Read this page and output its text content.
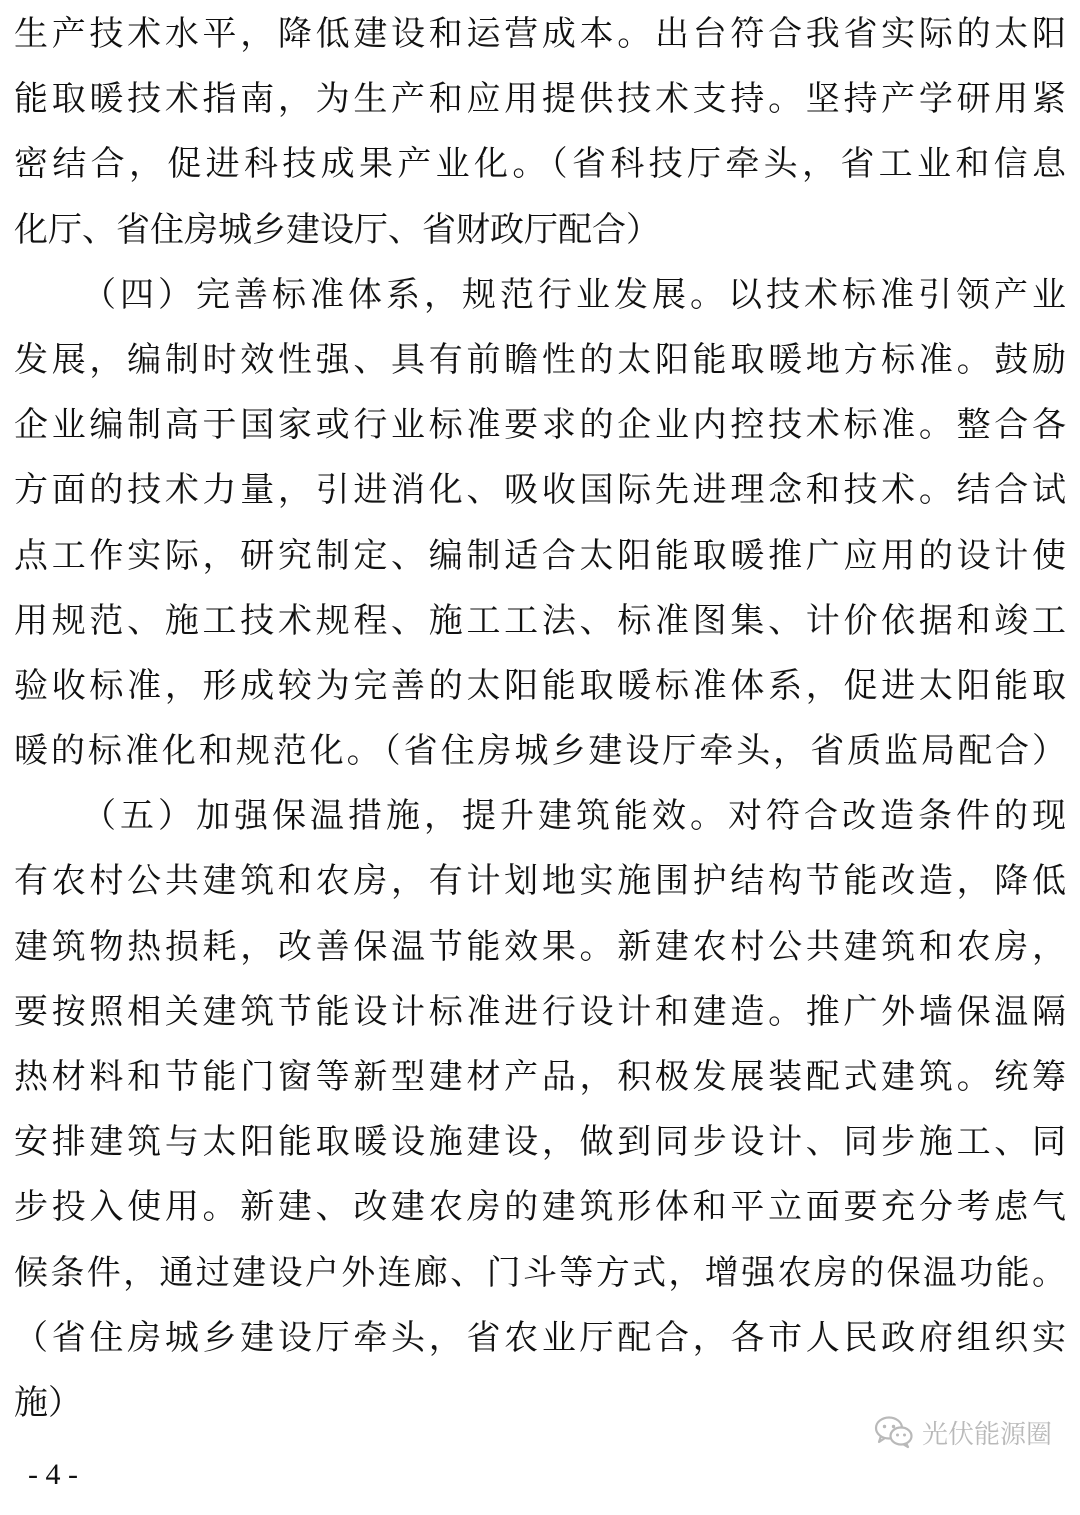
生产技术水平，降低建设和运营成本。出台符合我省实际的太阳
能取暖技术指南，为生产和应用提供技术支持。坚持产学研用紧
密结合，促进科技成果产业化。（省科技厅牵头，省工业和信息
化厅、省住房城乡建设厅、省财政厅配合）
（四）完善标准体系，规范行业发展。以技术标准引领产业
发展，编制时效性强、具有前瞻性的太阳能取暖地方标准。鼓励
企业编制高于国家或行业标准要求的企业内控技术标准。整合各
方面的技术力量，引进消化、吸收国际先进理念和技术。结合试
点工作实际，研究制定、编制适合太阳能取暖推广应用的设计使
用规范、施工技术规程、施工工法、标准图集、计价依据和竣工
验收标准，形成较为完善的太阳能取暖标准体系，促进太阳能取
暖的标准化和规范化。（省住房城乡建设厅牵头，省质监局配合）
（五）加强保温措施，提升建筑能效。对符合改造条件的现
有农村公共建筑和农房，有计划地实施围护结构节能改造，降低
建筑物热损耗，改善保温节能效果。新建农村公共建筑和农房，
要按照相关建筑节能设计标准进行设计和建造。推广外墙保温隔
热材料和节能门窗等新型建材产品，积极发展装配式建筑。统筹
安排建筑与太阳能取暖设施建设，做到同步设计、同步施工、同
步投入使用。新建、改建农房的建筑形体和平立面要充分考虑气
候条件，通过建设户外连廊、门斗等方式，增强农房的保温功能。
（省住房城乡建设厅牵头，省农业厅配合，各市人民政府组织实
施）
光伏能源圈
- 4 -
